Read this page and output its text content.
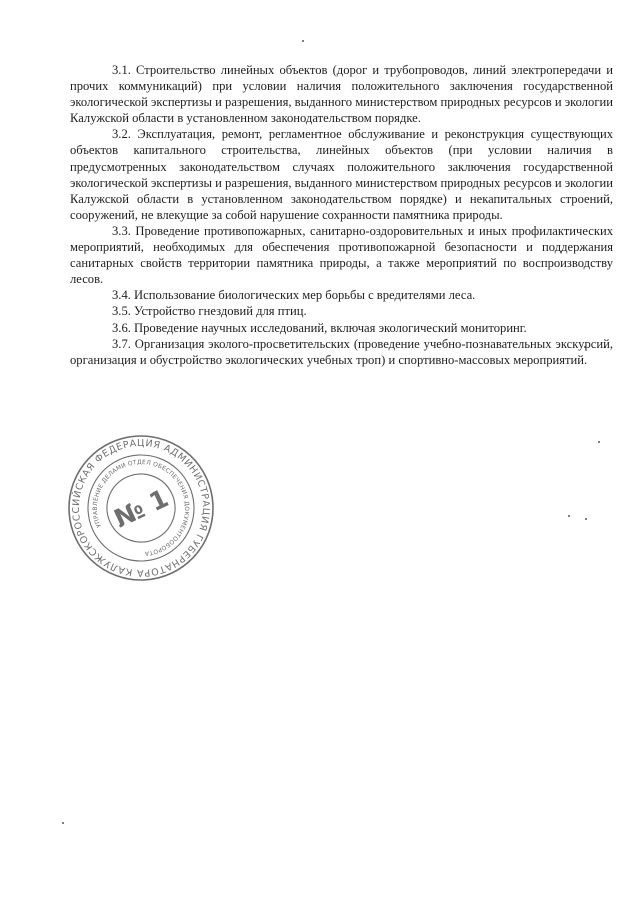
3.1. Строительство линейных объектов (дорог и трубопроводов, линий электропередачи и прочих коммуникаций) при условии наличия положительного заключения государственной экологической экспертизы и разрешения, выданного министерством природных ресурсов и экологии Калужской области в установленном законодательством порядке.

3.2. Эксплуатация, ремонт, регламентное обслуживание и реконструкция существующих объектов капитального строительства, линейных объектов (при условии наличия в предусмотренных законодательством случаях положительного заключения государственной экологической экспертизы и разрешения, выданного министерством природных ресурсов и экологии Калужской области в установленном законодательством порядке) и некапитальных строений, сооружений, не влекущие за собой нарушение сохранности памятника природы.

3.3. Проведение противопожарных, санитарно-оздоровительных и иных профилактических мероприятий, необходимых для обеспечения противопожарной безопасности и поддержания санитарных свойств территории памятника природы, а также мероприятий по воспроизводству лесов.

3.4. Использование биологических мер борьбы с вредителями леса.

3.5. Устройство гнездовий для птиц.

3.6. Проведение научных исследований, включая экологический мониторинг.

3.7. Организация эколого-просветительских (проведение учебно-познавательных экскурсий, организация и обустройство экологических учебных троп) и спортивно-массовых мероприятий.

РОССИЙСКАЯ ФЕДЕРАЦИЯ АДМИНИСТРАЦИЯ ГУБЕРНАТОРА КАЛУЖСКОЙ
УПРАВЛЕНИЕ ДЕЛАМИ ОТДЕЛ ОБЕСПЕЧЕНИЯ ДОКУМЕНТООБОРОТА
№ 1
